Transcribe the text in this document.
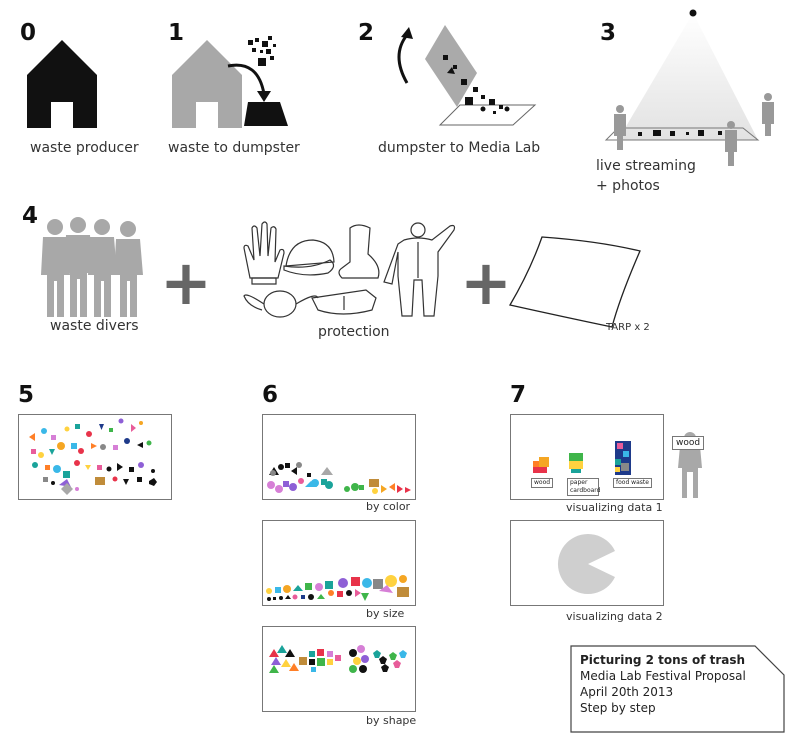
0
waste producer
1
waste to dumpster
2
dumpster to Media Lab
3
live streaming
+ photos
4
waste divers
+
protection
+
TARP x 2
5	6
by color
by size
by shape
7
wood	paper cardboard
food waste
visualizing data 1
wood
visualizing data 2
Picturing 2 tons of trash
Media Lab Festival Proposal
April 20th 2013
Step by step
